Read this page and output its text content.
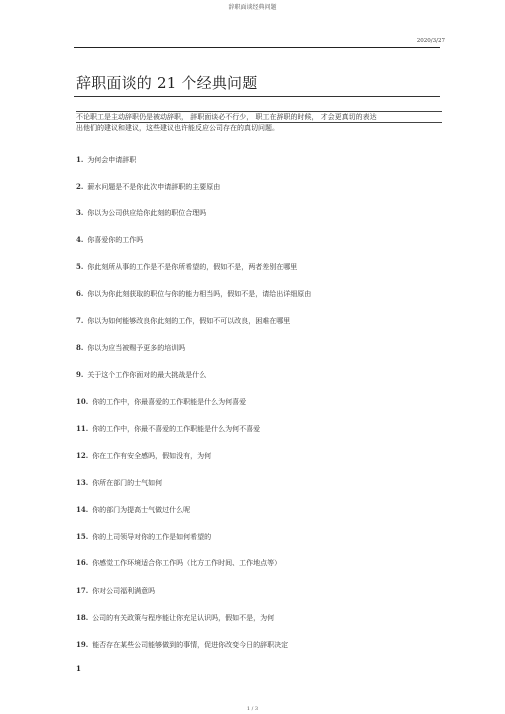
辞职面谈经典问题
2020/3/27
辞职面谈的 21 个经典问题
不论职工是主动辞职仍是被动辞职， 辞职面谈必不行少， 职工在辞职的时候， 才会更真切的表达
出他们的建议和建议，这些建议也许能反应公司存在的真切问题。
1. 为何会申请辞职
2. 薪水问题是不是你此次申请辞职的主要原由
3. 你以为公司供应给你此刻的职位合理吗
4. 你喜爱你的工作吗
5. 你此刻所从事的工作是不是你所希望的，假如不是，两者差别在哪里
6. 你以为你此刻获取的职位与你的能力相当吗，假如不是，请给出详细原由
7. 你以为如何能够改良你此刻的工作，假如不可以改良，困难在哪里
8. 你以为应当被赐予更多的培训吗
9. 关于这个工作你面对的最大挑战是什么
10. 你的工作中，你最喜爱的工作职能是什么为何喜爱
11. 你的工作中，你最不喜爱的工作职能是什么为何不喜爱
12. 你在工作有安全感吗，假如没有，为何
13. 你所在部门的士气如何
14. 你的部门为提高士气做过什么呢
15. 你的上司领导对你的工作是如何希望的
16. 你感觉工作环境适合你工作吗（比方工作时间、工作地点等）
17. 你对公司福利满意吗
18. 公司的有关政策与程序能让你充足认识吗，假如不是，为何
19. 能否存在某些公司能够做到的事情，促进你改变今日的辞职决定
1
1 / 3
